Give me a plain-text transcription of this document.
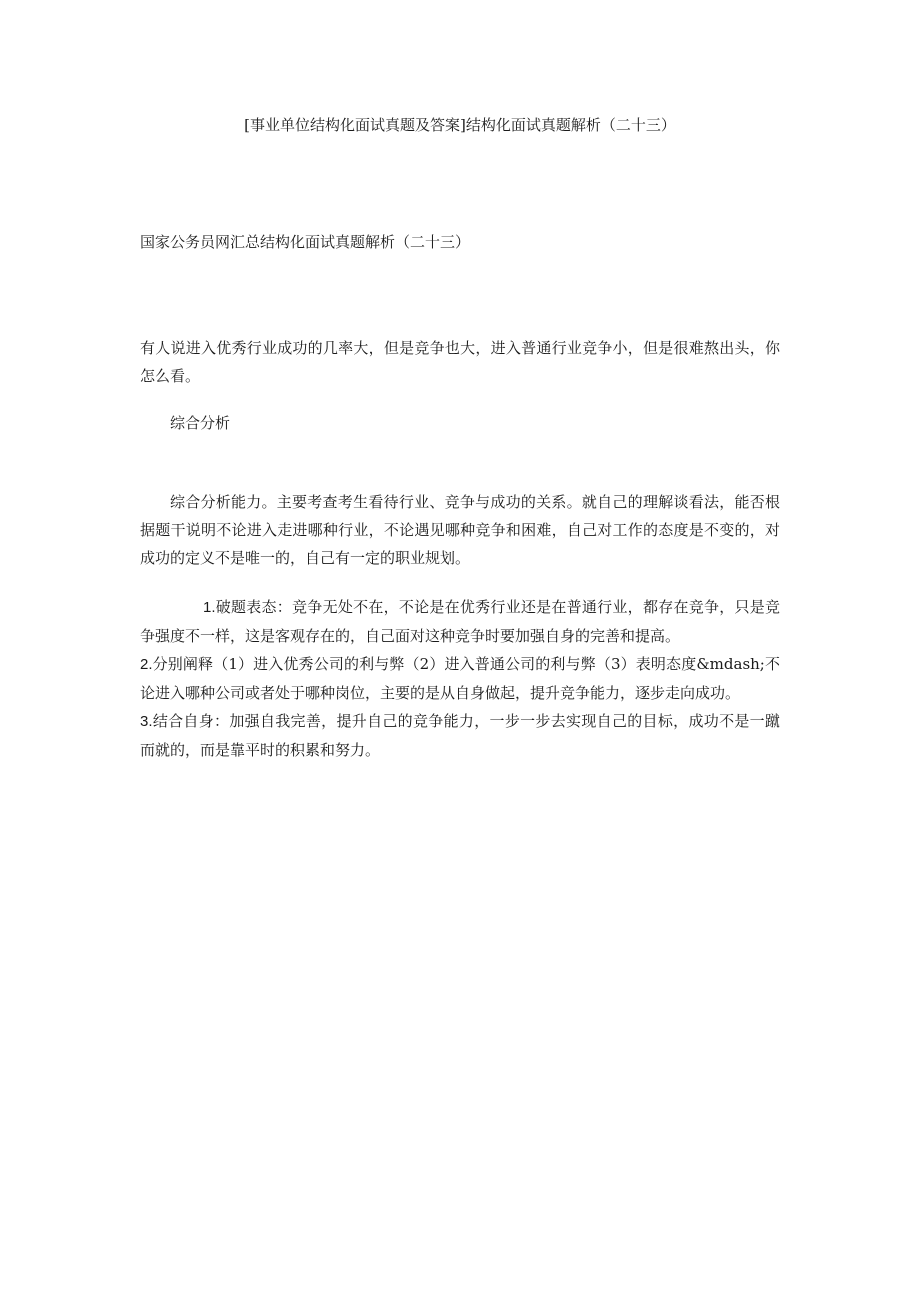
[事业单位结构化面试真题及答案]结构化面试真题解析（二十三）
国家公务员网汇总结构化面试真题解析（二十三）
有人说进入优秀行业成功的几率大，但是竞争也大，进入普通行业竞争小，但是很难熬出头，你怎么看。
综合分析
综合分析能力。主要考查考生看待行业、竞争与成功的关系。就自己的理解谈看法，能否根据题干说明不论进入走进哪种行业，不论遇见哪种竞争和困难，自己对工作的态度是不变的，对成功的定义不是唯一的，自己有一定的职业规划。

1.破题表态：竞争无处不在，不论是在优秀行业还是在普通行业，都存在竞争，只是竞争强度不一样，这是客观存在的，自己面对这种竞争时要加强自身的完善和提高。

2.分别阐释（1）进入优秀公司的利与弊（2）进入普通公司的利与弊（3）表明态度&mdash;不论进入哪种公司或者处于哪种岗位，主要的是从自身做起，提升竞争能力，逐步走向成功。

3.结合自身：加强自我完善，提升自己的竞争能力，一步一步去实现自己的目标，成功不是一蹴而就的，而是靠平时的积累和努力。
